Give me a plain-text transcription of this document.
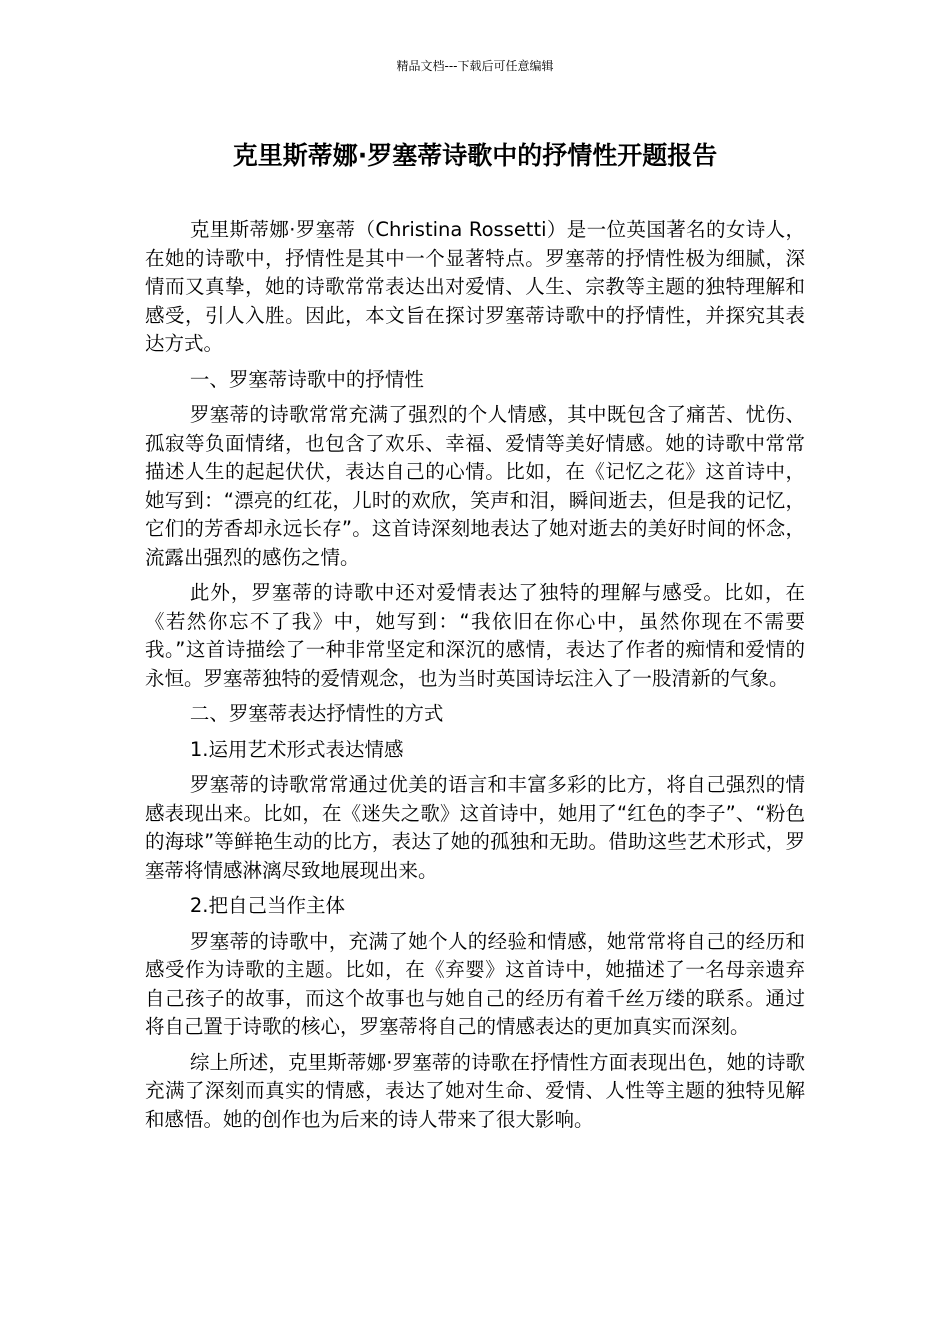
精品文档---下载后可任意编辑
克里斯蒂娜·罗塞蒂诗歌中的抒情性开题报告

克里斯蒂娜·罗塞蒂（Christina Rossetti）是一位英国著名的女诗人，在她的诗歌中，抒情性是其中一个显著特点。罗塞蒂的抒情性极为细腻，深情而又真挚，她的诗歌常常表达出对爱情、人生、宗教等主题的独特理解和感受，引人入胜。因此，本文旨在探讨罗塞蒂诗歌中的抒情性，并探究其表达方式。

一、罗塞蒂诗歌中的抒情性

罗塞蒂的诗歌常常充满了强烈的个人情感，其中既包含了痛苦、忧伤、孤寂等负面情绪，也包含了欢乐、幸福、爱情等美好情感。她的诗歌中常常描述人生的起起伏伏，表达自己的心情。比如，在《记忆之花》这首诗中，她写到：“漂亮的红花，儿时的欢欣，笑声和泪，瞬间逝去，但是我的记忆，它们的芳香却永远长存”。这首诗深刻地表达了她对逝去的美好时间的怀念，流露出强烈的感伤之情。

此外，罗塞蒂的诗歌中还对爱情表达了独特的理解与感受。比如，在《若然你忘不了我》中，她写到：“我依旧在你心中，虽然你现在不需要我。”这首诗描绘了一种非常坚定和深沉的感情，表达了作者的痴情和爱情的永恒。罗塞蒂独特的爱情观念，也为当时英国诗坛注入了一股清新的气象。

二、罗塞蒂表达抒情性的方式

1.运用艺术形式表达情感

罗塞蒂的诗歌常常通过优美的语言和丰富多彩的比方，将自己强烈的情感表现出来。比如，在《迷失之歌》这首诗中，她用了“红色的李子”、“粉色的海球”等鲜艳生动的比方，表达了她的孤独和无助。借助这些艺术形式，罗塞蒂将情感淋漓尽致地展现出来。

2.把自己当作主体

罗塞蒂的诗歌中，充满了她个人的经验和情感，她常常将自己的经历和感受作为诗歌的主题。比如，在《弃婴》这首诗中，她描述了一名母亲遗弃自己孩子的故事，而这个故事也与她自己的经历有着千丝万缕的联系。通过将自己置于诗歌的核心，罗塞蒂将自己的情感表达的更加真实而深刻。

综上所述，克里斯蒂娜·罗塞蒂的诗歌在抒情性方面表现出色，她的诗歌充满了深刻而真实的情感，表达了她对生命、爱情、人性等主题的独特见解和感悟。她的创作也为后来的诗人带来了很大影响。
